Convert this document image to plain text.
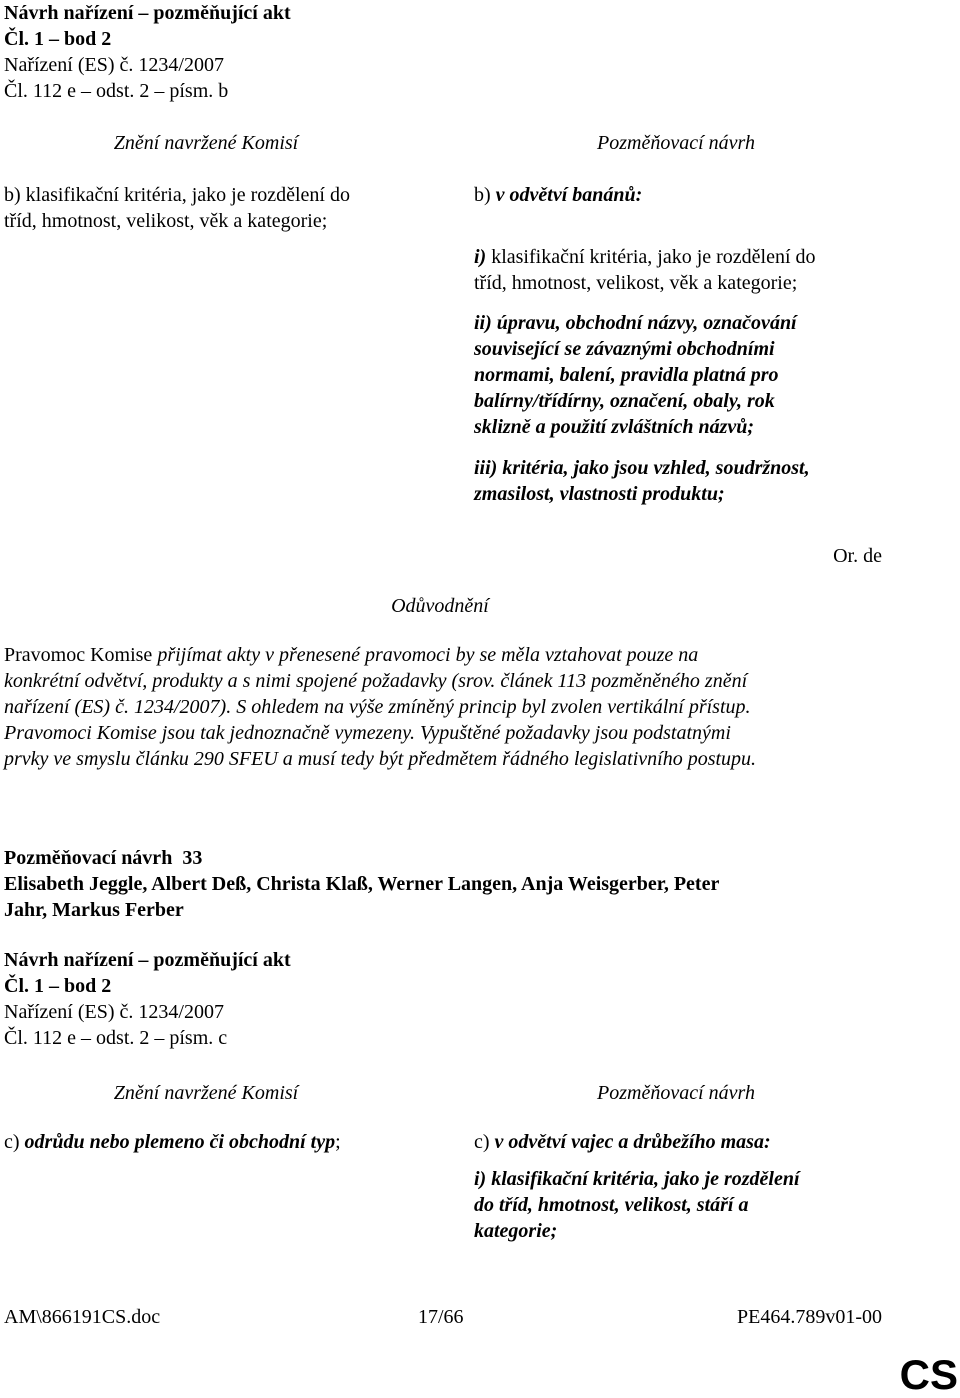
Návrh nařízení – pozměňující akt
Čl. 1 – bod 2
Nařízení (ES) č. 1234/2007
Čl. 112 e – odst. 2 – písm. b
Znění navržené Komisí	Pozměňovací návrh
b) klasifikační kritéria, jako je rozdělení do
tříd, hmotnost, velikost, věk a kategorie;
b) v odvětví banánů:
i) klasifikační kritéria, jako je rozdělení do
tříd, hmotnost, velikost, věk a kategorie;
ii) úpravu, obchodní názvy, označování
související se závaznými obchodními
normami, balení, pravidla platná pro
balírny/třídírny, označení, obaly, rok
sklizně a použití zvláštních názvů;
iii) kritéria, jako jsou vzhled, soudržnost,
zmasilost, vlastnosti produktu;
Or. de
Odůvodnění
Pravomoc Komise přijímat akty v přenesené pravomoci by se měla vztahovat pouze na
konkrétní odvětví, produkty a s nimi spojené požadavky (srov. článek 113 pozměněného znění
nařízení (ES) č. 1234/2007). S ohledem na výše zmíněný princip byl zvolen vertikální přístup.
Pravomoci Komise jsou tak jednoznačně vymezeny. Vypuštěné požadavky jsou podstatnými
prvky ve smyslu článku 290 SFEU a musí tedy být předmětem řádného legislativního postupu.
Pozměňovací návrh 33
Elisabeth Jeggle, Albert Deß, Christa Klaß, Werner Langen, Anja Weisgerber, Peter
Jahr, Markus Ferber
Návrh nařízení – pozměňující akt
Čl. 1 – bod 2
Nařízení (ES) č. 1234/2007
Čl. 112 e – odst. 2 – písm. c
Znění navržené Komisí	Pozměňovací návrh
c) odrůdu nebo plemeno či obchodní typ;	c) v odvětví vajec a drůbežího masa:
i) klasifikační kritéria, jako je rozdělení
do tříd, hmotnost, velikost, stáří a
kategorie;
AM\866191CS.doc	17/66	PE464.789v01-00
CS
